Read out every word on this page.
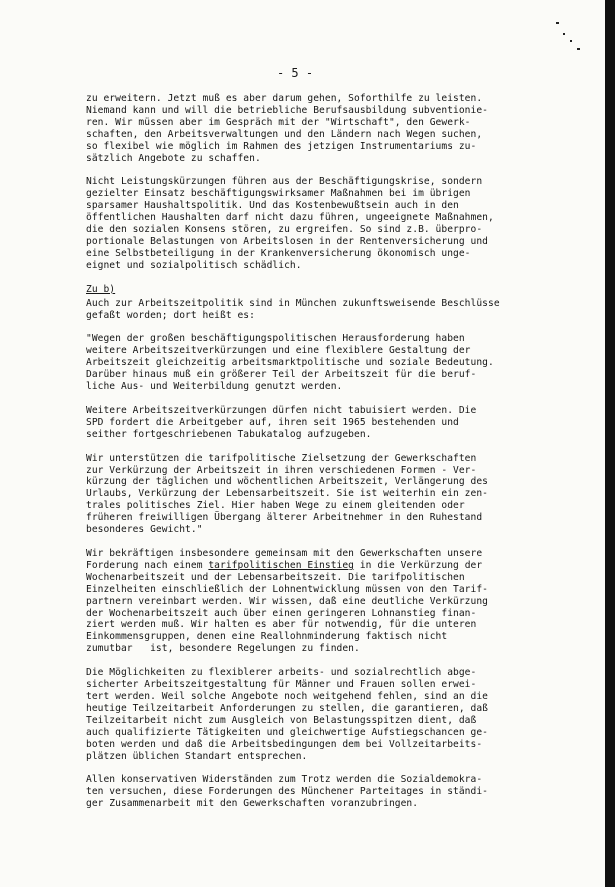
- 5 -

zu erweitern. Jetzt muß es aber darum gehen, Soforthilfe zu leisten.
Niemand kann und will die betriebliche Berufsausbildung subventionie-
ren. Wir müssen aber im Gespräch mit der "Wirtschaft", den Gewerk-
schaften, den Arbeitsverwaltungen und den Ländern nach Wegen suchen,
so flexibel wie möglich im Rahmen des jetzigen Instrumentariums zu-
sätzlich Angebote zu schaffen.

Nicht Leistungskürzungen führen aus der Beschäftigungskrise, sondern
gezielter Einsatz beschäftigungswirksamer Maßnahmen bei im übrigen
sparsamer Haushaltspolitik. Und das Kostenbewußtsein auch in den
öffentlichen Haushalten darf nicht dazu führen, ungeeignete Maßnahmen,
die den sozialen Konsens stören, zu ergreifen. So sind z.B. überpro-
portionale Belastungen von Arbeitslosen in der Rentenversicherung und
eine Selbstbeteiligung in der Krankenversicherung ökonomisch unge-
eignet und sozialpolitisch schädlich.

Zu b)

Auch zur Arbeitszeitpolitik sind in München zukunftsweisende Beschlüsse
gefaßt worden; dort heißt es:

"Wegen der großen beschäftigungspolitischen Herausforderung haben
weitere Arbeitszeitverkürzungen und eine flexiblere Gestaltung der
Arbeitszeit gleichzeitig arbeitsmarktpolitische und soziale Bedeutung.
Darüber hinaus muß ein größerer Teil der Arbeitszeit für die beruf-
liche Aus- und Weiterbildung genutzt werden.

Weitere Arbeitszeitverkürzungen dürfen nicht tabuisiert werden. Die
SPD fordert die Arbeitgeber auf, ihren seit 1965 bestehenden und
seither fortgeschriebenen Tabukatalog aufzugeben.

Wir unterstützen die tarifpolitische Zielsetzung der Gewerkschaften
zur Verkürzung der Arbeitszeit in ihren verschiedenen Formen - Ver-
kürzung der täglichen und wöchentlichen Arbeitszeit, Verlängerung des
Urlaubs, Verkürzung der Lebensarbeitszeit. Sie ist weiterhin ein zen-
trales politisches Ziel. Hier haben Wege zu einem gleitenden oder
früheren freiwilligen Übergang älterer Arbeitnehmer in den Ruhestand
besonderes Gewicht."

Wir bekräftigen insbesondere gemeinsam mit den Gewerkschaften unsere
Forderung nach einem tarifpolitischen Einstieg in die Verkürzung der
Wochenarbeitszeit und der Lebensarbeitszeit. Die tarifpolitischen
Einzelheiten einschließlich der Lohnentwicklung müssen von den Tarif-
partnern vereinbart werden. Wir wissen, daß eine deutliche Verkürzung
der Wochenarbeitszeit auch über einen geringeren Lohnanstieg finan-
ziert werden muß. Wir halten es aber für notwendig, für die unteren
Einkommensgruppen, denen eine Reallohnminderung faktisch nicht
zumutbar   ist, besondere Regelungen zu finden.

Die Möglichkeiten zu flexiblerer arbeits- und sozialrechtlich abge-
sicherter Arbeitszeitgestaltung für Männer und Frauen sollen erwei-
tert werden. Weil solche Angebote noch weitgehend fehlen, sind an die
heutige Teilzeitarbeit Anforderungen zu stellen, die garantieren, daß
Teilzeitarbeit nicht zum Ausgleich von Belastungsspitzen dient, daß
auch qualifizierte Tätigkeiten und gleichwertige Aufstiegschancen ge-
boten werden und daß die Arbeitsbedingungen dem bei Vollzeitarbeits-
plätzen üblichen Standart entsprechen.

Allen konservativen Widerständen zum Trotz werden die Sozialdemokra-
ten versuchen, diese Forderungen des Münchener Parteitages in ständi-
ger Zusammenarbeit mit den Gewerkschaften voranzubringen.
